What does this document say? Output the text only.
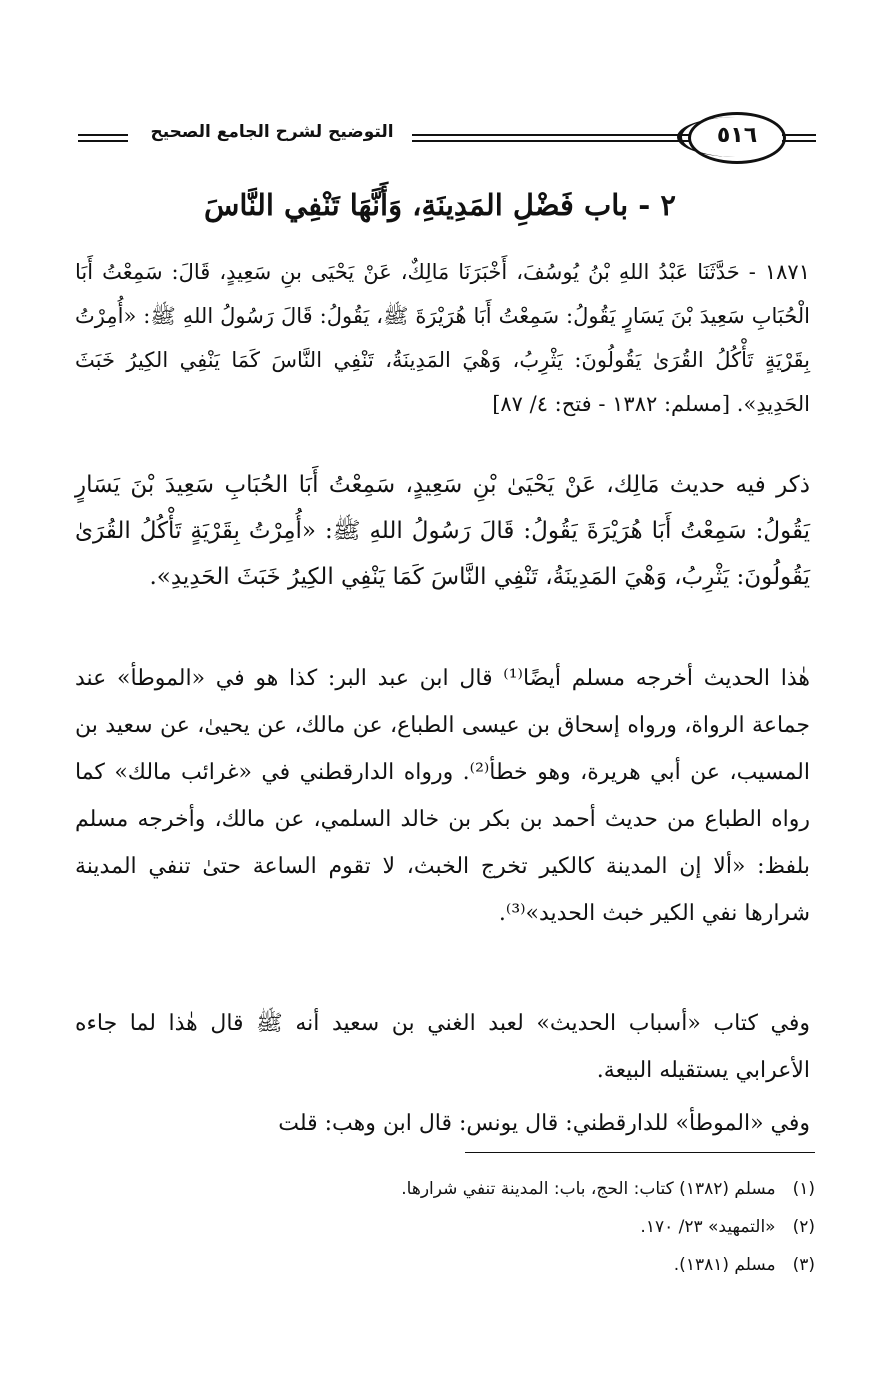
التوضيح لشرح الجامع الصحيح	٥١٦
٢ - باب فَضْلِ المَدِينَةِ، وَأَنَّهَا تَنْفِي النَّاسَ
١٨٧١ - حَدَّثَنَا عَبْدُ اللهِ بْنُ يُوسُفَ، أَخْبَرَنَا مَالِكٌ، عَنْ يَحْيَى بنِ سَعِيدٍ، قَالَ: سَمِعْتُ أَبَا الْحُبَابِ سَعِيدَ بْنَ يَسَارٍ يَقُولُ: سَمِعْتُ أَبَا هُرَيْرَةَ ﷺ، يَقُولُ: قَالَ رَسُولُ اللهِ ﷺ: «أُمِرْتُ بِقَرْيَةٍ تَأْكُلُ القُرَىٰ يَقُولُونَ: يَثْرِبُ، وَهْيَ المَدِينَةُ، تَنْفِي النَّاسَ كَمَا يَنْفِي الكِيرُ خَبَثَ الحَدِيدِ». [مسلم: ١٣٨٢ - فتح: ٤/ ٨٧]
ذكر فيه حديث مَالِك، عَنْ يَحْيَىٰ بْنِ سَعِيدٍ، سَمِعْتُ أَبَا الحُبَابِ سَعِيدَ بْنَ يَسَارٍ يَقُولُ: سَمِعْتُ أَبَا هُرَيْرَةَ يَقُولُ: قَالَ رَسُولُ اللهِ ﷺ: «أُمِرْتُ بِقَرْيَةٍ تَأْكُلُ القُرَىٰ يَقُولُونَ: يَثْرِبُ، وَهْيَ المَدِينَةُ، تَنْفِي النَّاسَ كَمَا يَنْفِي الكِيرُ خَبَثَ الحَدِيدِ».
هٰذا الحديث أخرجه مسلم أيضًا⁽¹⁾ قال ابن عبد البر: كذا هو في «الموطأ» عند جماعة الرواة، ورواه إسحاق بن عيسى الطباع، عن مالك، عن يحيىٰ، عن سعيد بن المسيب، عن أبي هريرة، وهو خطأ⁽²⁾. ورواه الدارقطني في «غرائب مالك» كما رواه الطباع من حديث أحمد بن بكر بن خالد السلمي، عن مالك، وأخرجه مسلم بلفظ: «ألا إن المدينة كالكير تخرج الخبث، لا تقوم الساعة حتىٰ تنفي المدينة شرارها نفي الكير خبث الحديد»⁽³⁾.
وفي كتاب «أسباب الحديث» لعبد الغني بن سعيد أنه ﷺ قال هٰذا لما جاءه الأعرابي يستقيله البيعة.
وفي «الموطأ» للدارقطني: قال يونس: قال ابن وهب: قلت
(١) مسلم (١٣٨٢) كتاب: الحج، باب: المدينة تنفي شرارها.
(٢) «التمهيد» ٢٣/ ١٧٠.
(٣) مسلم (١٣٨١).
